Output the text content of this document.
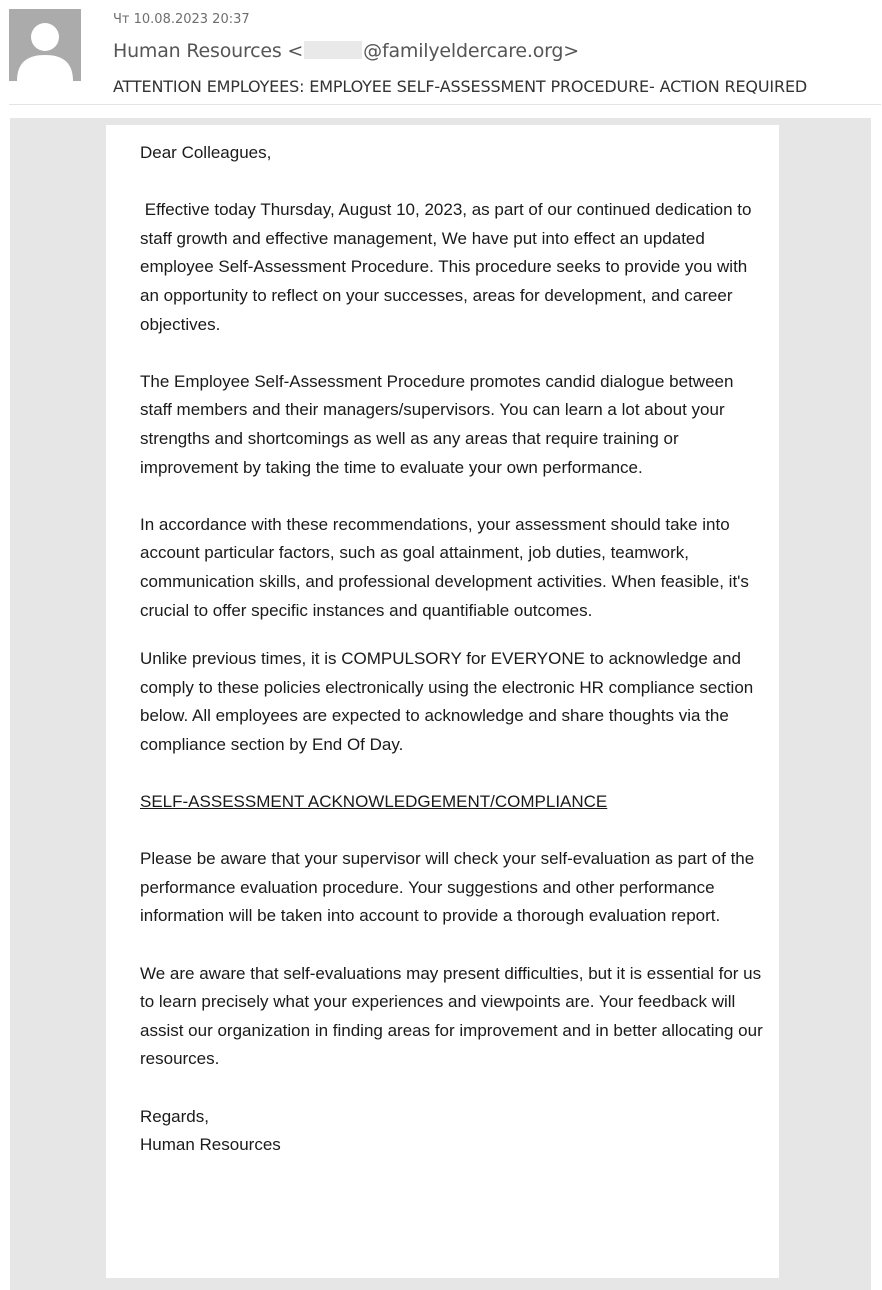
Чт 10.08.2023 20:37
Human Resources <	@familyeldercare.org>
ATTENTION EMPLOYEES: EMPLOYEE SELF-ASSESSMENT PROCEDURE- ACTION REQUIRED

Dear Colleagues,

Effective today Thursday, August 10, 2023, as part of our continued dedication to staff growth and effective management, We have put into effect an updated employee Self-Assessment Procedure. This procedure seeks to provide you with an opportunity to reflect on your successes, areas for development, and career objectives.

The Employee Self-Assessment Procedure promotes candid dialogue between staff members and their managers/supervisors. You can learn a lot about your strengths and shortcomings as well as any areas that require training or improvement by taking the time to evaluate your own performance.

In accordance with these recommendations, your assessment should take into account particular factors, such as goal attainment, job duties, teamwork, communication skills, and professional development activities. When feasible, it's crucial to offer specific instances and quantifiable outcomes.

Unlike previous times, it is COMPULSORY for EVERYONE to acknowledge and comply to these policies electronically using the electronic HR compliance section below. All employees are expected to acknowledge and share thoughts via the compliance section by End Of Day.

SELF-ASSESSMENT ACKNOWLEDGEMENT/COMPLIANCE

Please be aware that your supervisor will check your self-evaluation as part of the performance evaluation procedure. Your suggestions and other performance information will be taken into account to provide a thorough evaluation report.

We are aware that self-evaluations may present difficulties, but it is essential for us to learn precisely what your experiences and viewpoints are. Your feedback will assist our organization in finding areas for improvement and in better allocating our resources.

Regards,

Human Resources
